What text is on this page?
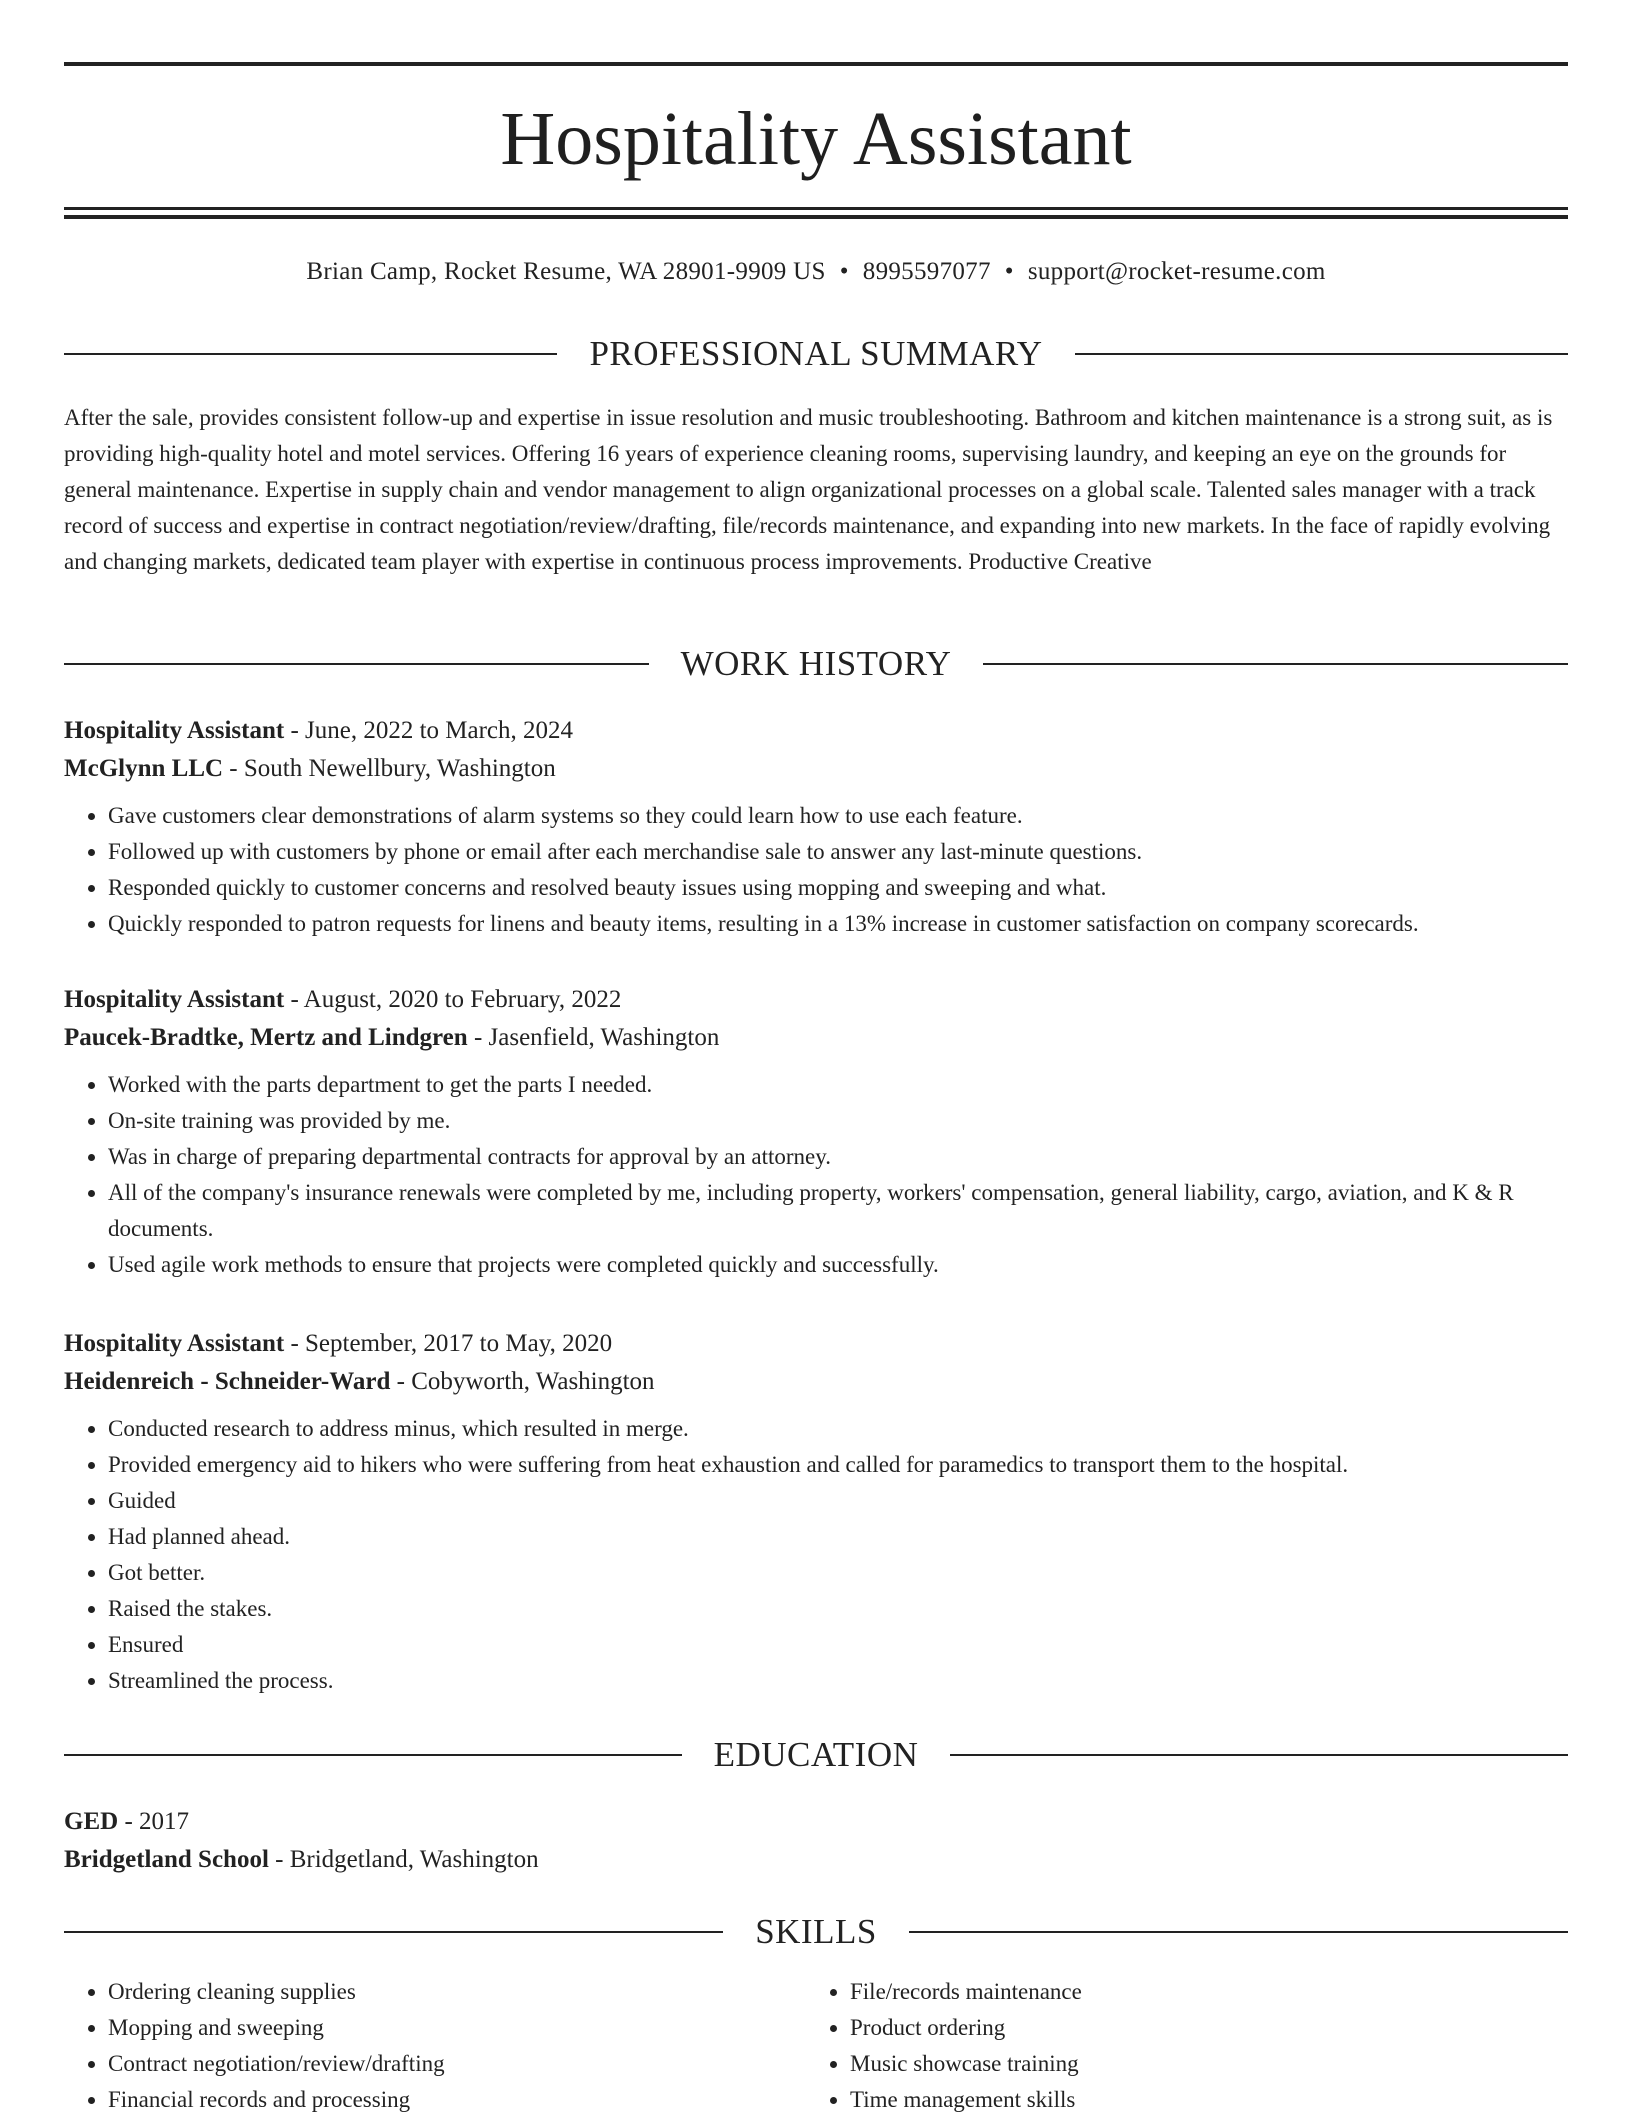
Hospitality Assistant
Brian Camp, Rocket Resume, WA 28901-9909 US • 8995597077 • support@rocket-resume.com
PROFESSIONAL SUMMARY

After the sale, provides consistent follow-up and expertise in issue resolution and music troubleshooting. Bathroom and kitchen maintenance is a strong suit, as is providing high-quality hotel and motel services. Offering 16 years of experience cleaning rooms, supervising laundry, and keeping an eye on the grounds for general maintenance. Expertise in supply chain and vendor management to align organizational processes on a global scale. Talented sales manager with a track record of success and expertise in contract negotiation/review/drafting, file/records maintenance, and expanding into new markets. In the face of rapidly evolving and changing markets, dedicated team player with expertise in continuous process improvements. Productive Creative

WORK HISTORY
Hospitality Assistant - June, 2022 to March, 2024
McGlynn LLC - South Newellbury, Washington
• Gave customers clear demonstrations of alarm systems so they could learn how to use each feature.
• Followed up with customers by phone or email after each merchandise sale to answer any last-minute questions.
• Responded quickly to customer concerns and resolved beauty issues using mopping and sweeping and what.
• Quickly responded to patron requests for linens and beauty items, resulting in a 13% increase in customer satisfaction on company scorecards.
Hospitality Assistant - August, 2020 to February, 2022
Paucek-Bradtke, Mertz and Lindgren - Jasenfield, Washington
• Worked with the parts department to get the parts I needed.
• On-site training was provided by me.
• Was in charge of preparing departmental contracts for approval by an attorney.
• All of the company's insurance renewals were completed by me, including property, workers' compensation, general liability, cargo, aviation, and K & R documents.
• Used agile work methods to ensure that projects were completed quickly and successfully.
Hospitality Assistant - September, 2017 to May, 2020
Heidenreich - Schneider-Ward - Cobyworth, Washington
• Conducted research to address minus, which resulted in merge.
• Provided emergency aid to hikers who were suffering from heat exhaustion and called for paramedics to transport them to the hospital.
• Guided
• Had planned ahead.
• Got better.
• Raised the stakes.
• Ensured
• Streamlined the process.
EDUCATION
GED - 2017
Bridgetland School - Bridgetland, Washington
SKILLS
• Ordering cleaning supplies
• Mopping and sweeping
• Contract negotiation/review/drafting
• Financial records and processing
• File/records maintenance
• Product ordering
• Music showcase training
• Time management skills
